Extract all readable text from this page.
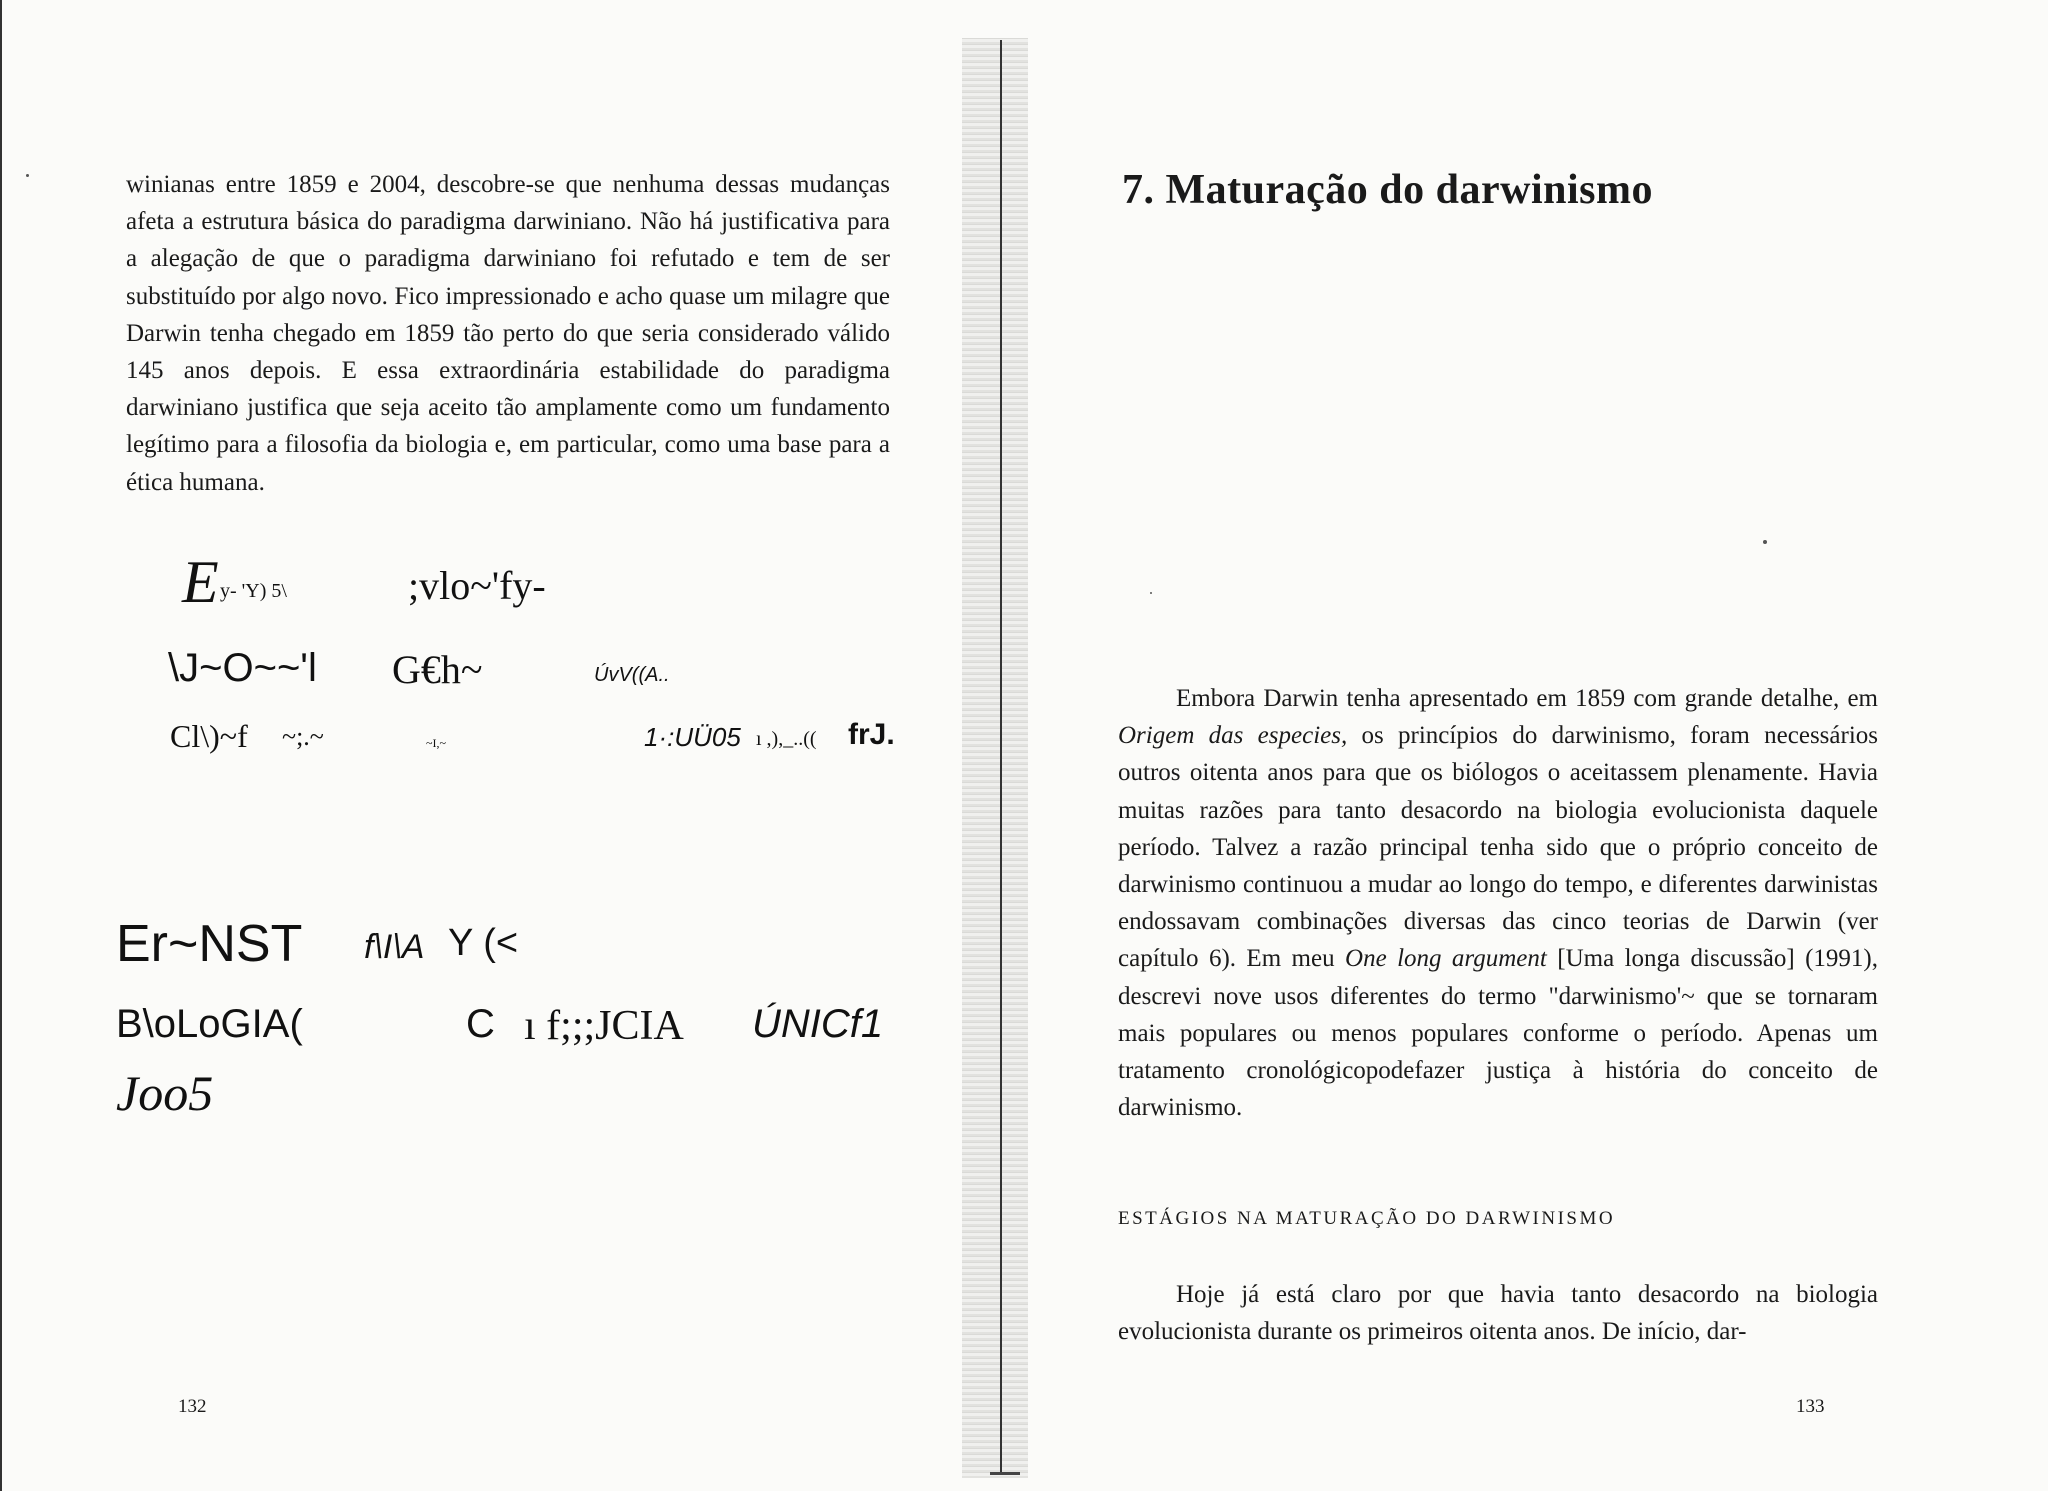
winianas entre 1859 e 2004, descobre-se que nenhuma dessas mudanças afeta a estrutura básica do paradigma darwiniano. Não há justificativa para a alegação de que o paradigma darwiniano foi refutado e tem de ser substituído por algo novo. Fico impressionado e acho quase um milagre que Darwin tenha chegado em 1859 tão perto do que seria considerado válido 145 anos depois. E essa extraordinária estabilidade do paradigma darwiniano justifica que seja aceito tão amplamente como um fundamento legítimo para a filosofia da biologia e, em particular, como uma base para a ética humana.

E y- 'Y) 5\	;vlo~'fy-
\J~O~~'l G€h~	ÚvV((A..
Cl\)~f ~;.~	~I,~	1·:UÜ05 ı ,),_..(( frJ.
Er~NST f\I\A Y (<
B\oLoGIA(	C ı f;;;JCIA ÚNICf1
Joo5
132
7. Maturação do darwinismo

Embora Darwin tenha apresentado em 1859 com grande detalhe, em Origem das especies, os princípios do darwinismo, foram necessários outros oitenta anos para que os biólogos o aceitassem plenamente. Havia muitas razões para tanto desacordo na biologia evolucionista daquele período. Talvez a razão principal tenha sido que o próprio conceito de darwinismo continuou a mudar ao longo do tempo, e diferentes darwinistas endossavam combinações diversas das cinco teorias de Darwin (ver capítulo 6). Em meu One long argument [Uma longa discussão] (1991), descrevi nove usos diferentes do termo "darwinismo'~ que se tornaram mais populares ou menos populares conforme o período. Apenas um tratamento cronológicopodefazer justiça à história do conceito de darwinismo.

ESTÁGIOS NA MATURAÇÃO DO DARWINISMO

Hoje já está claro por que havia tanto desacordo na biologia evolucionista durante os primeiros oitenta anos. De início, dar-

133
